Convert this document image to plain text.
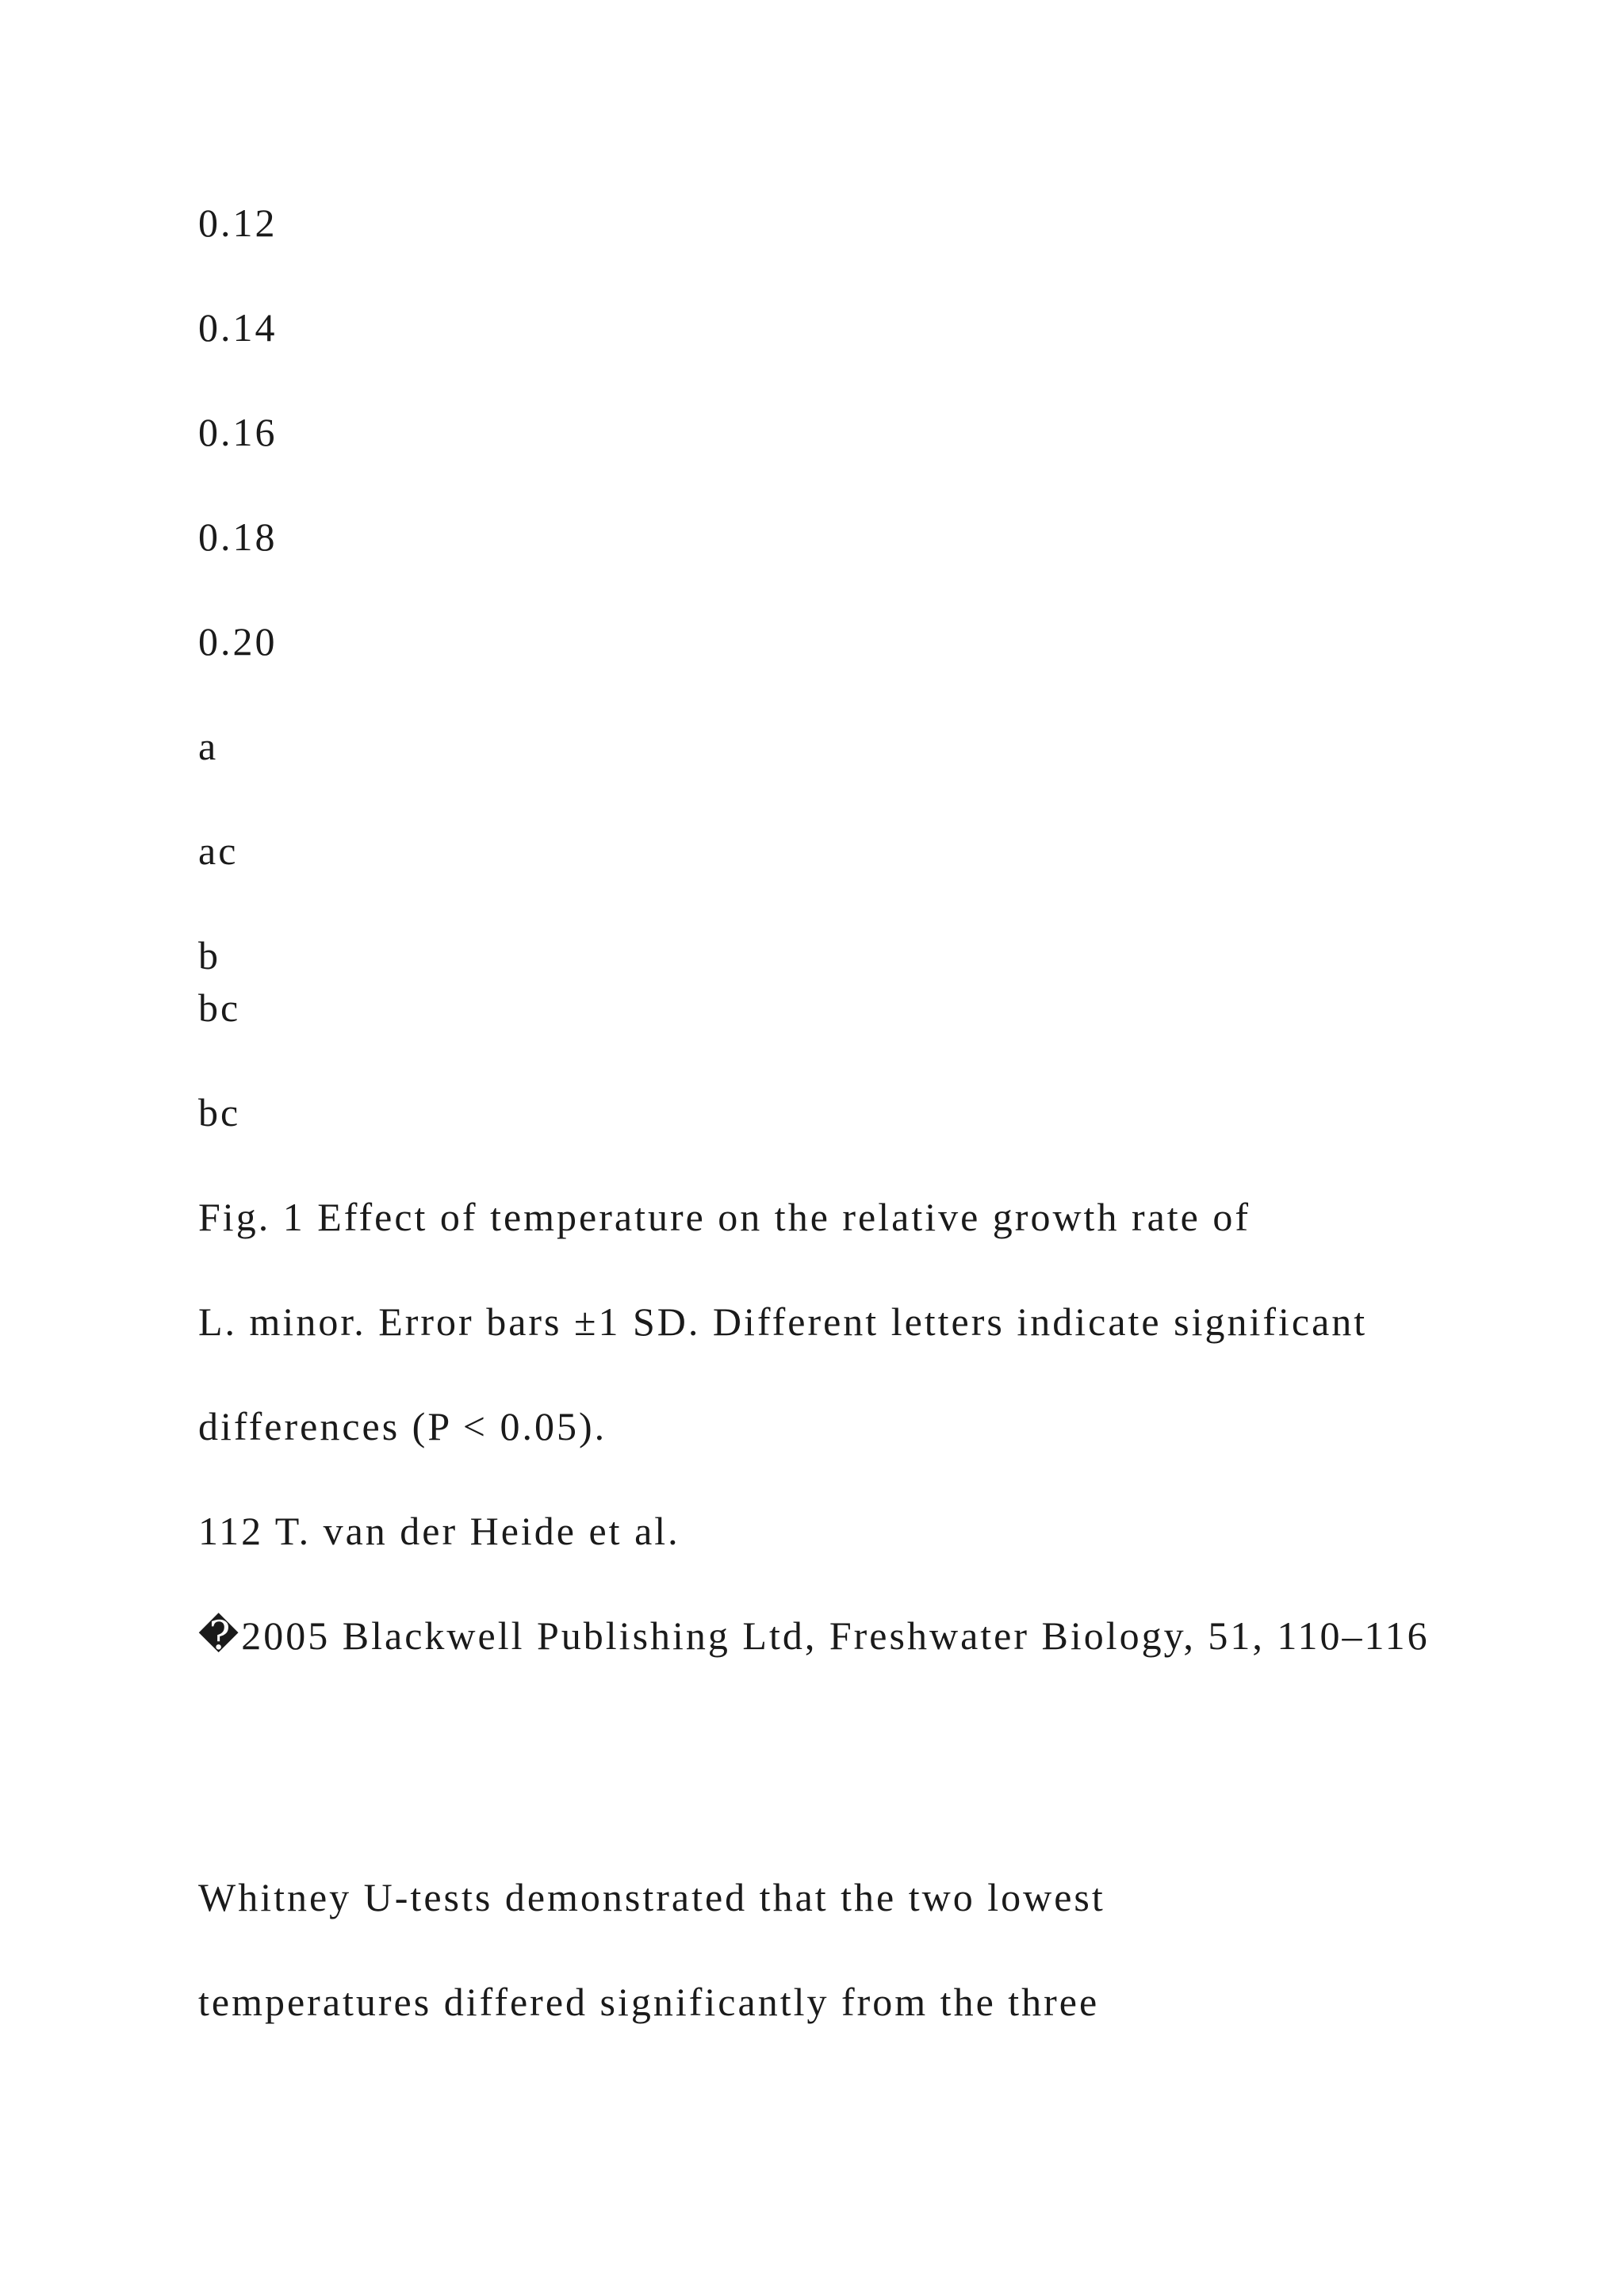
0.12

0.14

0.16

0.18

0.20

a

ac

b

bc

bc

Fig. 1 Effect of temperature on the relative growth rate of

L. minor. Error bars ±1 SD. Different letters indicate significant

differences (P < 0.05).

112 T. van der Heide et al.

�2005 Blackwell Publishing Ltd, Freshwater Biology, 51, 110–116

Whitney U-tests demonstrated that the two lowest

temperatures differed significantly from the three
